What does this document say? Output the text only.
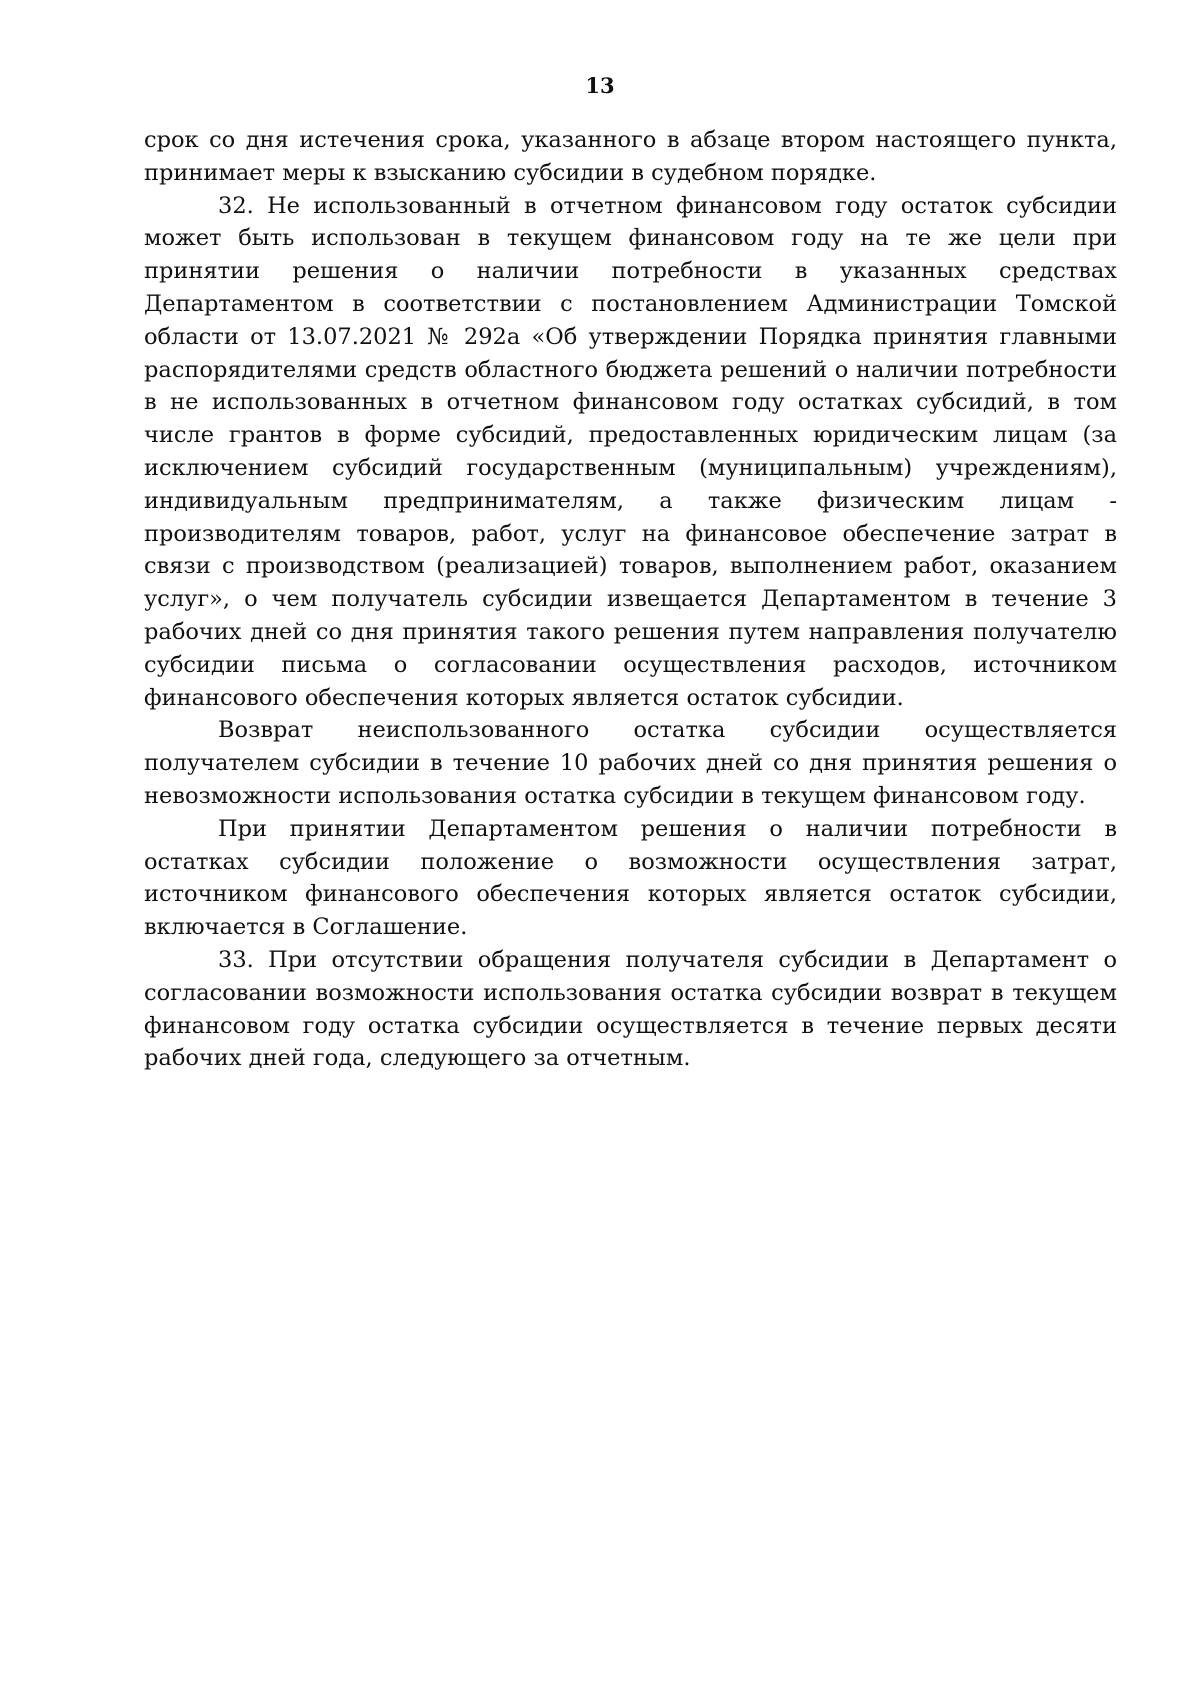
13

срок со дня истечения срока, указанного в абзаце втором настоящего пункта, принимает меры к взысканию субсидии в судебном порядке.

32. Не использованный в отчетном финансовом году остаток субсидии может быть использован в текущем финансовом году на те же цели при принятии решения о наличии потребности в указанных средствах Департаментом в соответствии с постановлением Администрации Томской области от 13.07.2021 № 292а «Об утверждении Порядка принятия главными распорядителями средств областного бюджета решений о наличии потребности в не использованных в отчетном финансовом году остатках субсидий, в том числе грантов в форме субсидий, предоставленных юридическим лицам (за исключением субсидий государственным (муниципальным) учреждениям), индивидуальным предпринимателям, а также физическим лицам - производителям товаров, работ, услуг на финансовое обеспечение затрат в связи с производством (реализацией) товаров, выполнением работ, оказанием услуг», о чем получатель субсидии извещается Департаментом в течение 3 рабочих дней со дня принятия такого решения путем направления получателю субсидии письма о согласовании осуществления расходов, источником финансового обеспечения которых является остаток субсидии.

Возврат неиспользованного остатка субсидии осуществляется получателем субсидии в течение 10 рабочих дней со дня принятия решения о невозможности использования остатка субсидии в текущем финансовом году.

При принятии Департаментом решения о наличии потребности в остатках субсидии положение о возможности осуществления затрат, источником финансового обеспечения которых является остаток субсидии, включается в Соглашение.

33. При отсутствии обращения получателя субсидии в Департамент о согласовании возможности использования остатка субсидии возврат в текущем финансовом году остатка субсидии осуществляется в течение первых десяти рабочих дней года, следующего за отчетным.
